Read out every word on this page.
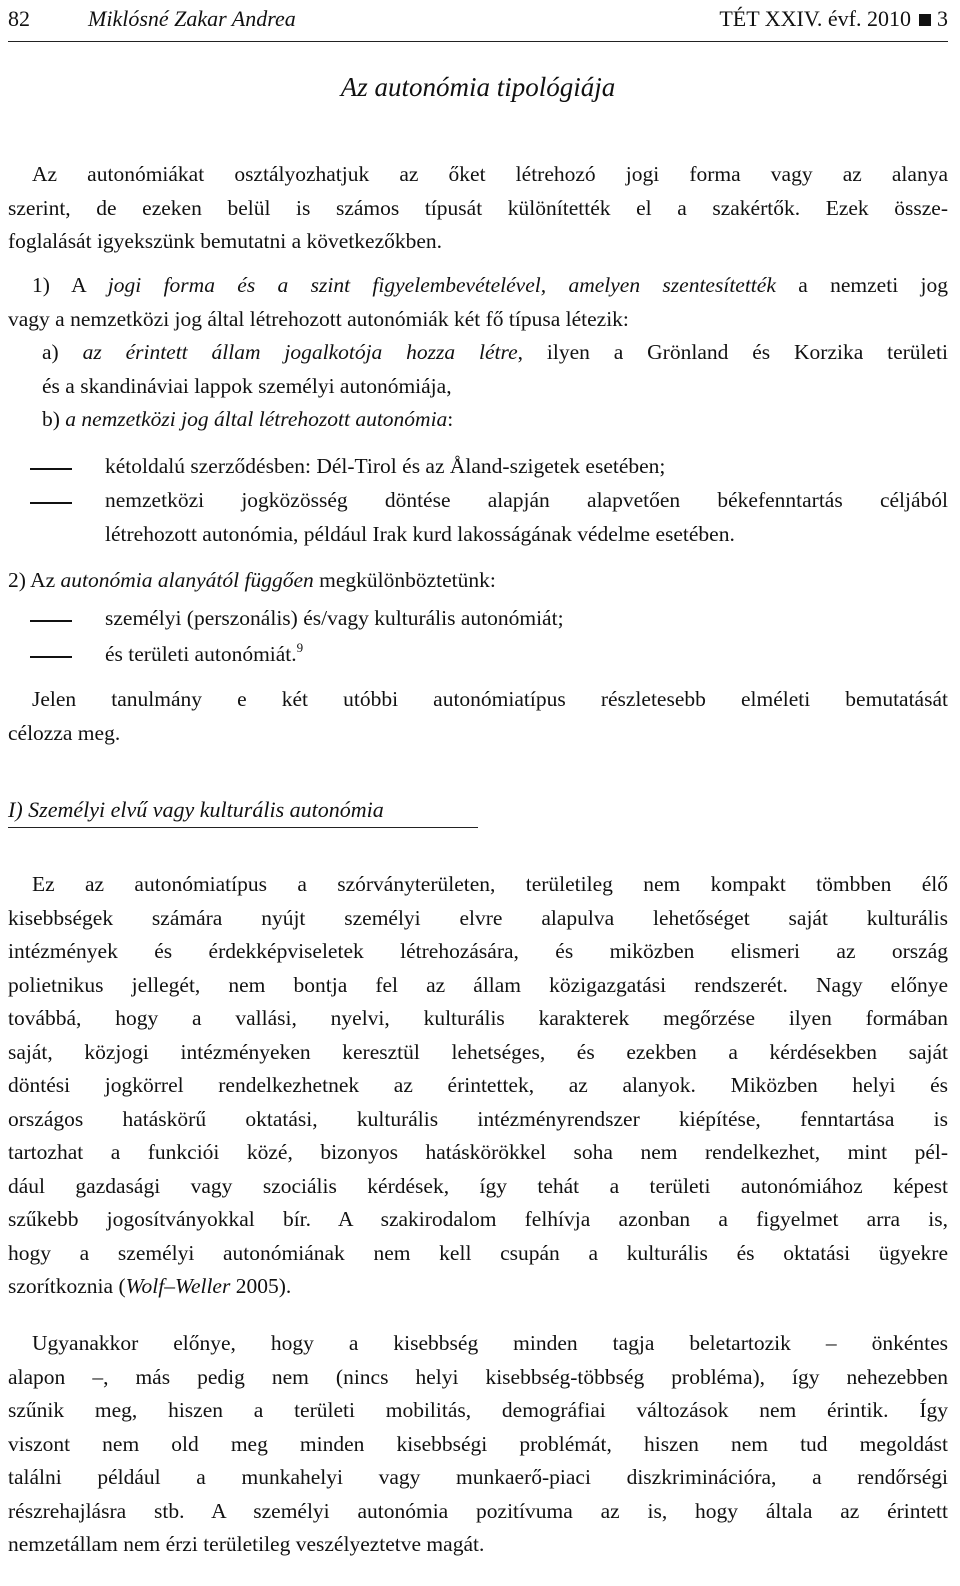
82	Miklósné Zakar Andrea	TÉT XXIV. évf. 2010 3
Az autonómia tipológiája
Az autonómiákat osztályozhatjuk az őket létrehozó jogi forma vagy az alanya
szerint, de ezeken belül is számos típusát különítették el a szakértők. Ezek össze-
foglalását igyekszünk bemutatni a következőkben.
1) A jogi forma és a szint figyelembevételével, amelyen szentesítették a nemzeti jog
vagy a nemzetközi jog által létrehozott autonómiák két fő típusa létezik:
a) az érintett állam jogalkotója hozza létre, ilyen a Grönland és Korzika területi
és a skandináviai lappok személyi autonómiája,
b) a nemzetközi jog által létrehozott autonómia:
kétoldalú szerződésben: Dél-Tirol és az Åland-szigetek esetében;
nemzetközi jogközösség döntése alapján alapvetően békefenntartás céljából
létrehozott autonómia, például Irak kurd lakosságának védelme esetében.
2) Az autonómia alanyától függően megkülönböztetünk:
személyi (perszonális) és/vagy kulturális autonómiát;
és területi autonómiát.$^9$
Jelen tanulmány e két utóbbi autonómiatípus részletesebb elméleti bemutatását
célozza meg.
I) Személyi elvű vagy kulturális autonómia
Ez az autonómiatípus a szórványterületen, területileg nem kompakt tömbben élő
kisebbségek számára nyújt személyi elvre alapulva lehetőséget saját kulturális
intézmények és érdekképviseletek létrehozására, és miközben elismeri az ország
polietnikus jellegét, nem bontja fel az állam közigazgatási rendszerét. Nagy előnye
továbbá, hogy a vallási, nyelvi, kulturális karakterek megőrzése ilyen formában
saját, közjogi intézményeken keresztül lehetséges, és ezekben a kérdésekben saját
döntési jogkörrel rendelkezhetnek az érintettek, az alanyok. Miközben helyi és
országos hatáskörű oktatási, kulturális intézményrendszer kiépítése, fenntartása is
tartozhat a funkciói közé, bizonyos hatáskörökkel soha nem rendelkezhet, mint pél-
dául gazdasági vagy szociális kérdések, így tehát a területi autonómiához képest
szűkebb jogosítványokkal bír. A szakirodalom felhívja azonban a figyelmet arra is,
hogy a személyi autonómiának nem kell csupán a kulturális és oktatási ügyekre
szorítkoznia (Wolf–Weller 2005).
Ugyanakkor előnye, hogy a kisebbség minden tagja beletartozik – önkéntes
alapon –, más pedig nem (nincs helyi kisebbség-többség probléma), így nehezebben
szűnik meg, hiszen a területi mobilitás, demográfiai változások nem érintik. Így
viszont nem old meg minden kisebbségi problémát, hiszen nem tud megoldást
találni például a munkahelyi vagy munkaerő-piaci diszkriminációra, a rendőrségi
részrehajlásra stb. A személyi autonómia pozitívuma az is, hogy általa az érintett
nemzetállam nem érzi területileg veszélyeztetve magát.
